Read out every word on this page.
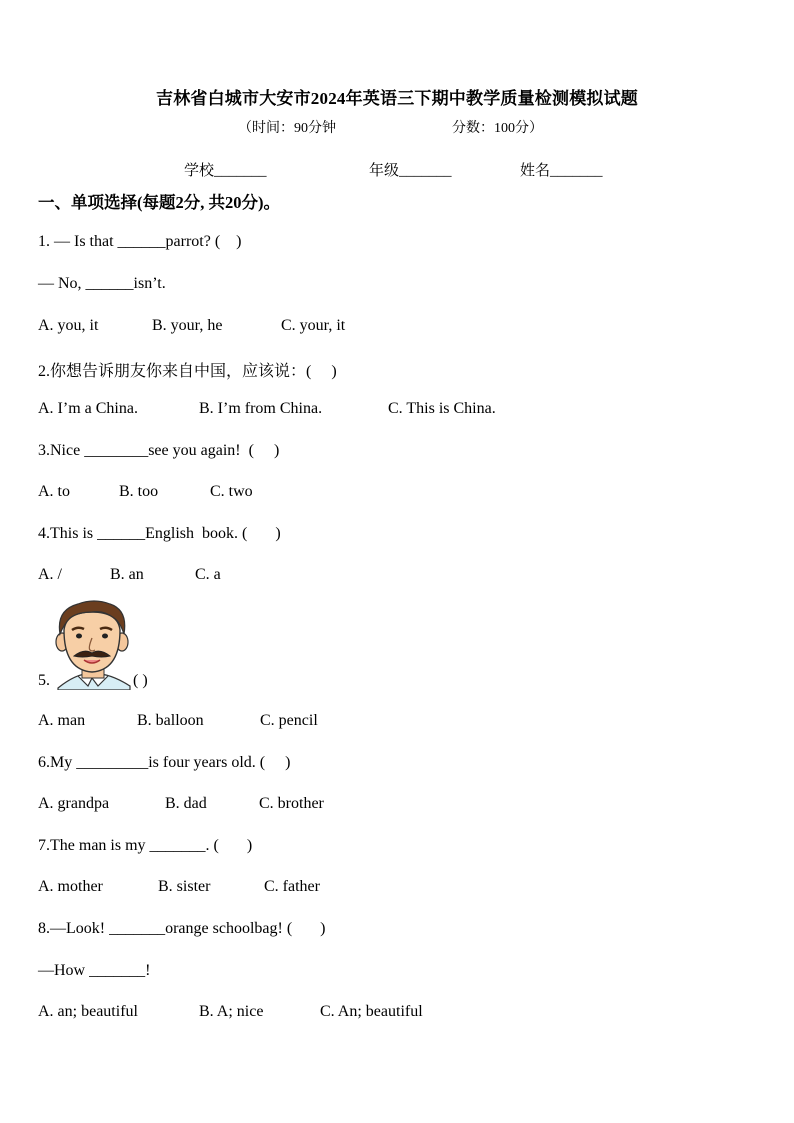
吉林省白城市大安市2024年英语三下期中教学质量检测模拟试题
（时间：90分钟	分数：100分）
学校_______	年级_______	姓名_______
一、单项选择(每题2分, 共20分)。
1. — Is that ______parrot? (    )
— No, ______isn’t.
A. you, it	B. your, he	C. your, it
2.你想告诉朋友你来自中国，应该说：(     )
A. I’m a China.	B. I’m from China.	C. This is China.
3.Nice ________see you again!  (     )
A. to	B. too	C. two
4.This is ______English  book. (       )
A. /	B. an	C. a
5.	( )
A. man	B. balloon	C. pencil
6.My _________is four years old. (     )
A. grandpa	B. dad	C. brother
7.The man is my _______. (       )
A. mother	B. sister	C. father
8.—Look! _______orange schoolbag! (       )
—How _______!
A. an; beautiful	B. A; nice	C. An; beautiful
